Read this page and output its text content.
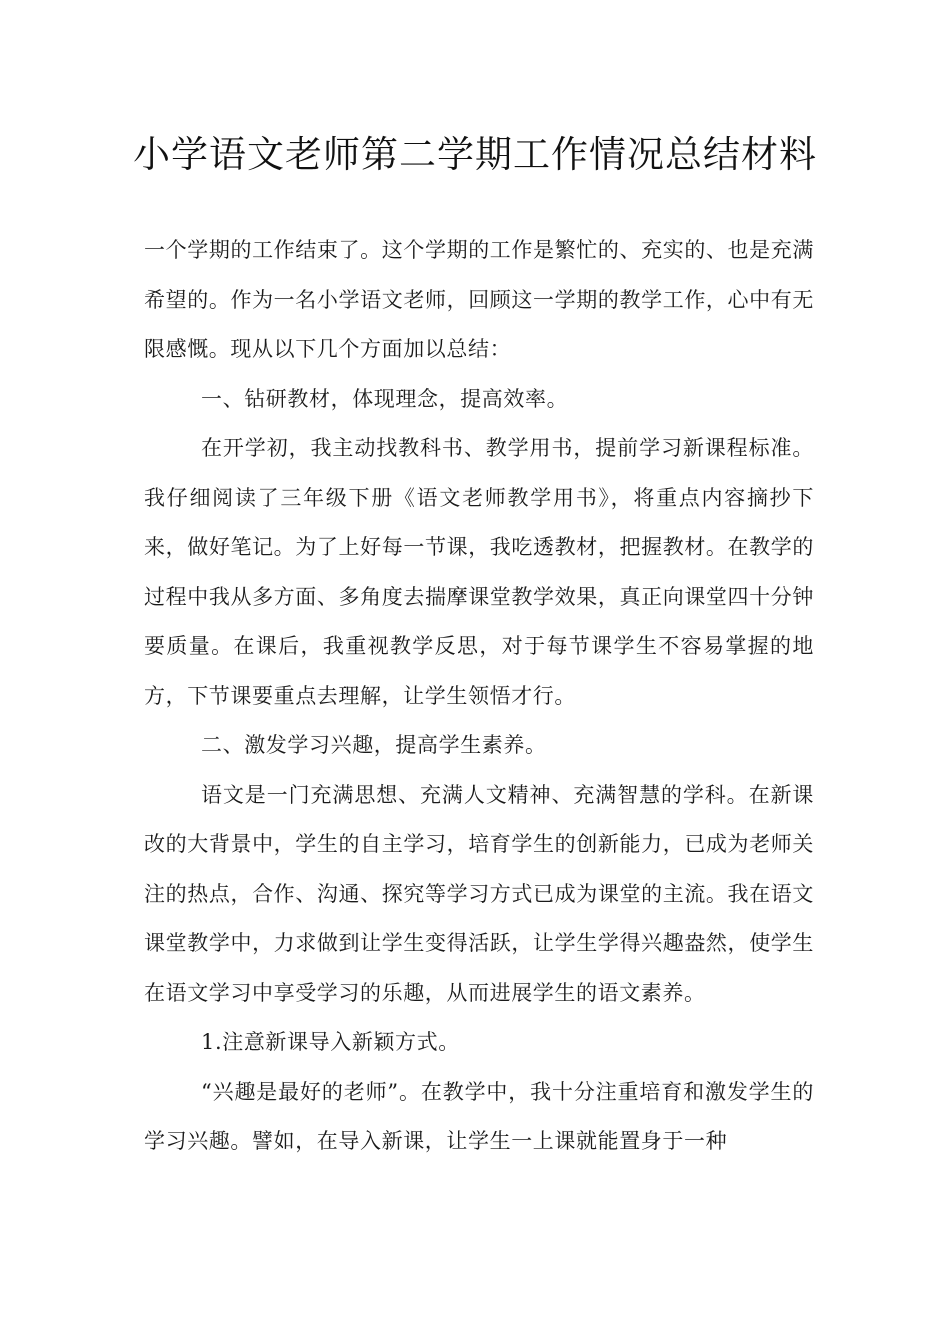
小学语文老师第二学期工作情况总结材料

一个学期的工作结束了。这个学期的工作是繁忙的、充实的、也是充满希望的。作为一名小学语文老师，回顾这一学期的教学工作，心中有无限感慨。现从以下几个方面加以总结：

一、钻研教材，体现理念，提高效率。

在开学初，我主动找教科书、教学用书，提前学习新课程标准。我仔细阅读了三年级下册《语文老师教学用书》，将重点内容摘抄下来，做好笔记。为了上好每一节课，我吃透教材，把握教材。在教学的过程中我从多方面、多角度去揣摩课堂教学效果，真正向课堂四十分钟要质量。在课后，我重视教学反思，对于每节课学生不容易掌握的地方，下节课要重点去理解，让学生领悟才行。

二、激发学习兴趣，提高学生素养。

语文是一门充满思想、充满人文精神、充满智慧的学科。在新课改的大背景中，学生的自主学习，培育学生的创新能力，已成为老师关注的热点，合作、沟通、探究等学习方式已成为课堂的主流。我在语文课堂教学中，力求做到让学生变得活跃，让学生学得兴趣盎然，使学生在语文学习中享受学习的乐趣，从而进展学生的语文素养。

1.注意新课导入新颖方式。

“兴趣是最好的老师”。在教学中，我十分注重培育和激发学生的学习兴趣。譬如，在导入新课，让学生一上课就能置身于一种
